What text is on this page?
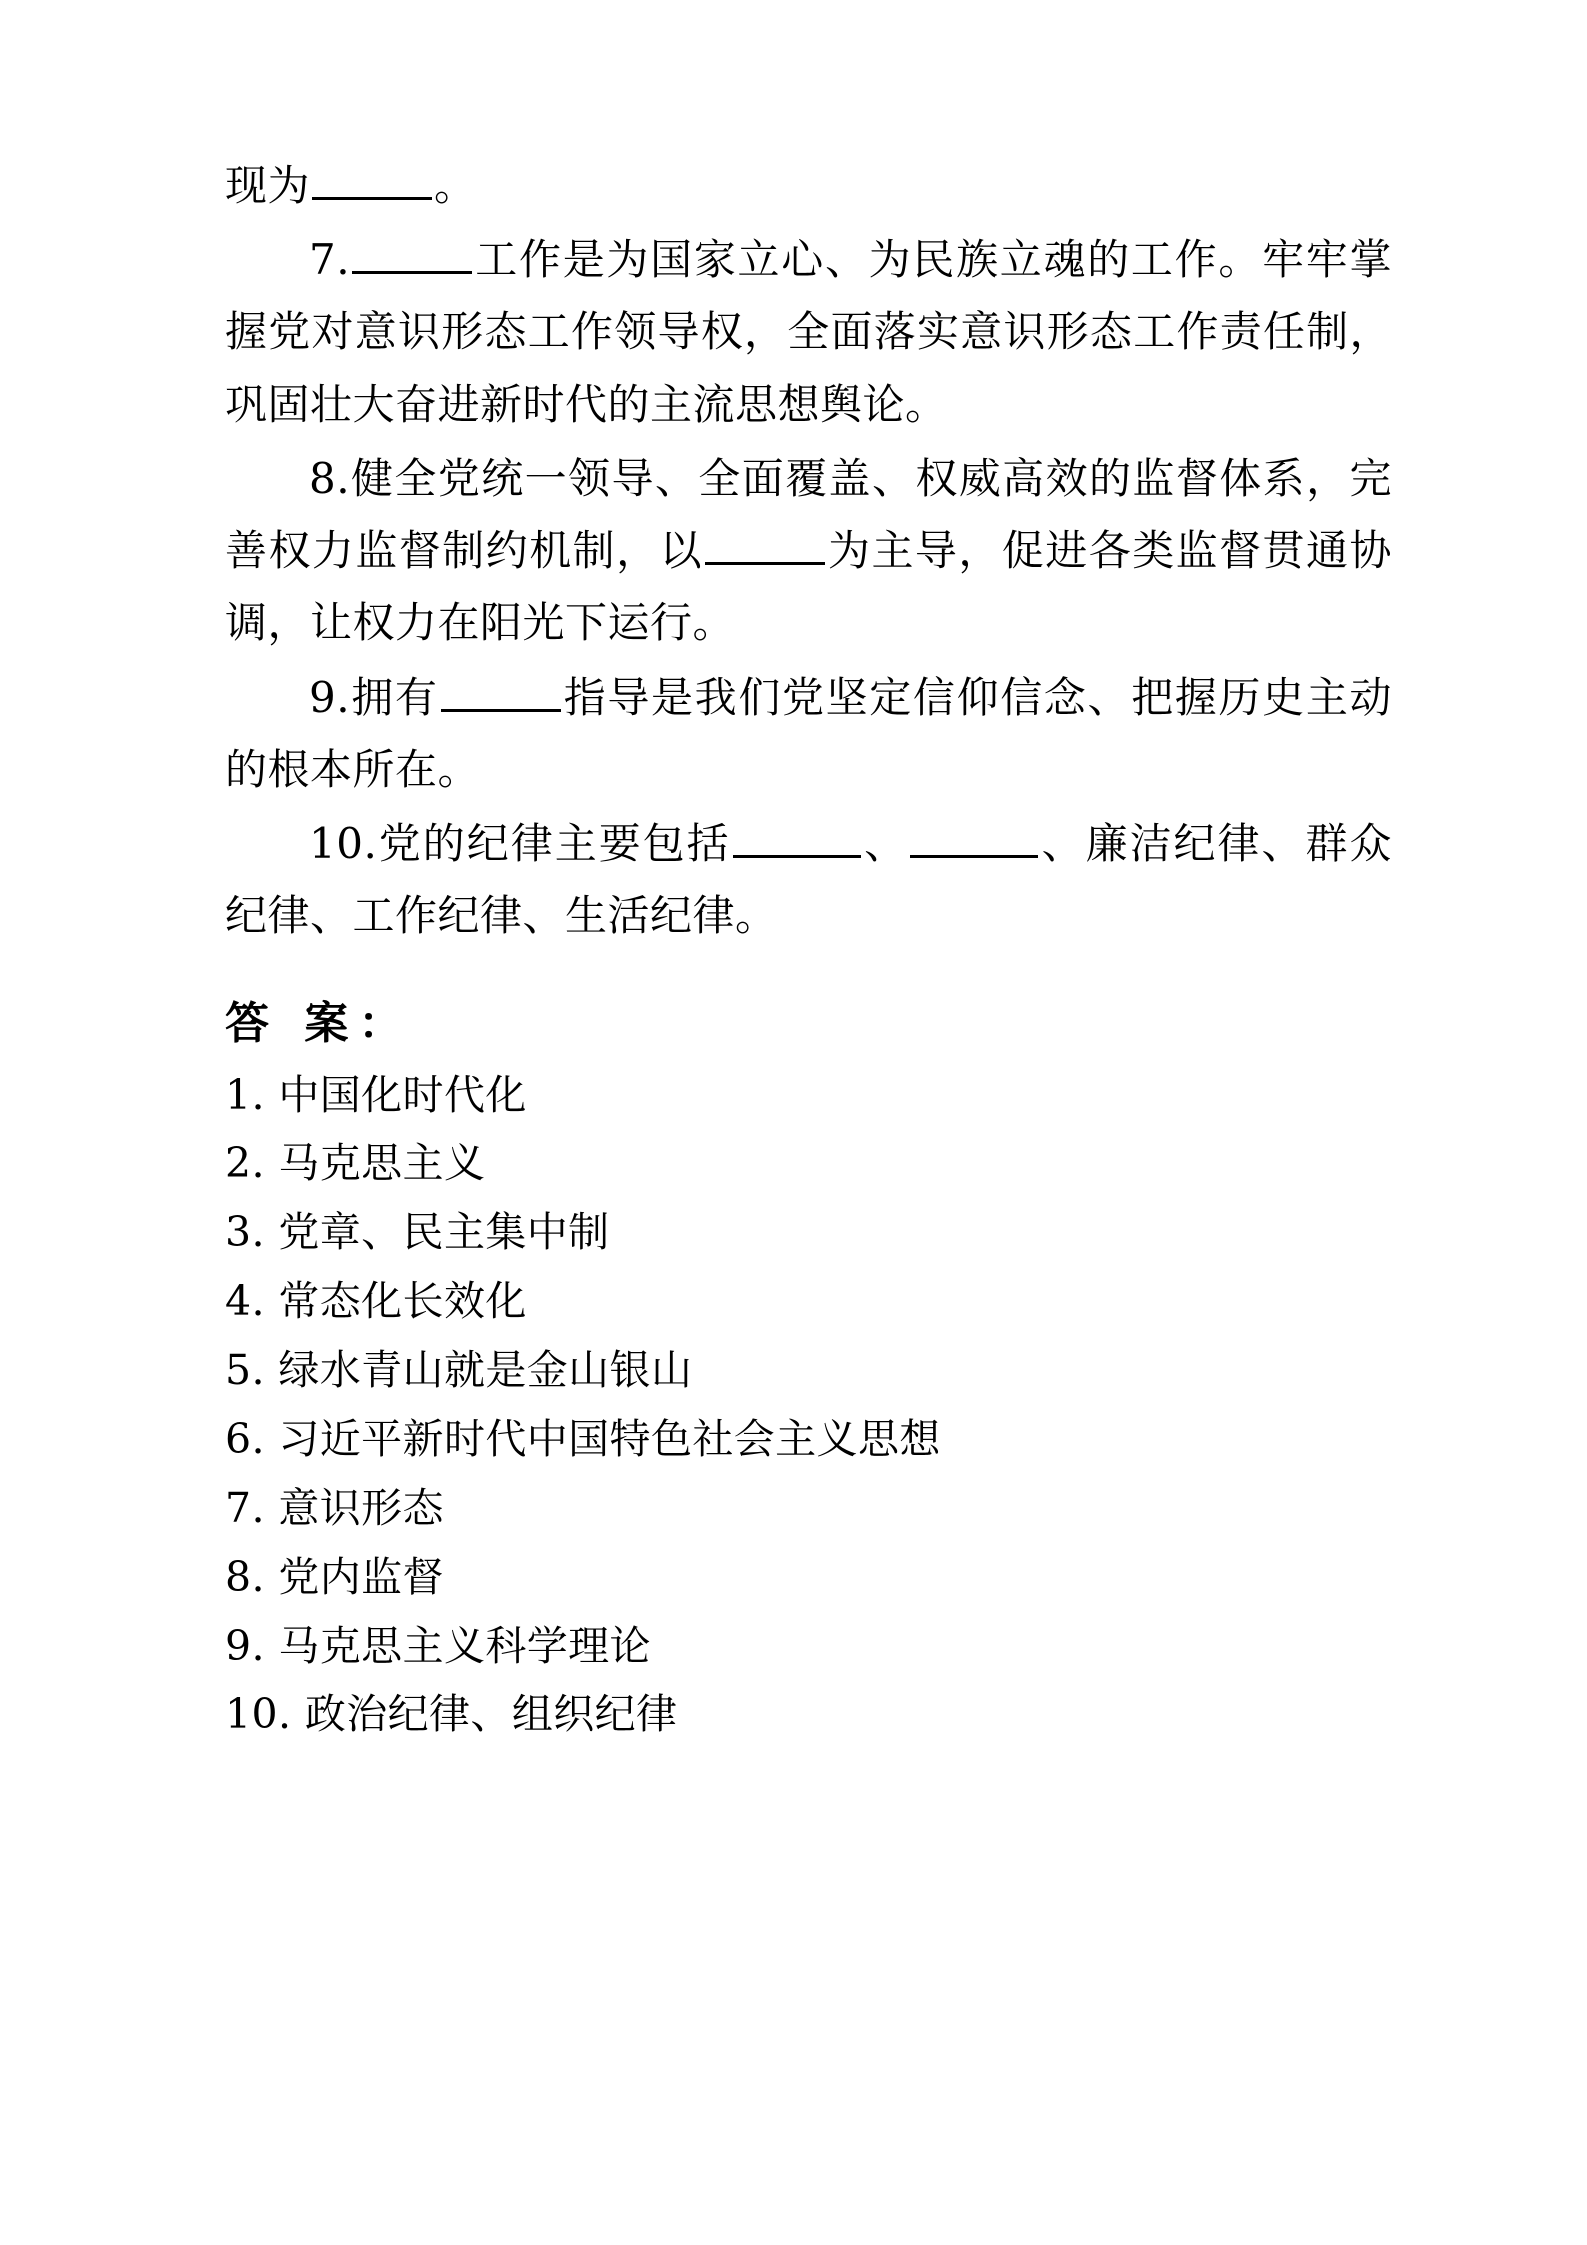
现为	。

7.	工作是为国家立心、为民族立魂的工作。牢牢掌握党对意识形态工作领导权，全面落实意识形态工作责任制，巩固壮大奋进新时代的主流思想舆论。

8.健全党统一领导、全面覆盖、权威高效的监督体系，完善权力监督制约机制，以	为主导，促进各类监督贯通协调，让权力在阳光下运行。

9.拥有	指导是我们党坚定信仰信念、把握历史主动的根本所在。

10.党的纪律主要包括	、	、廉洁纪律、群众纪律、工作纪律、生活纪律。

答 案：

1. 中国化时代化

2. 马克思主义

3. 党章、民主集中制

4. 常态化长效化

5. 绿水青山就是金山银山

6. 习近平新时代中国特色社会主义思想

7. 意识形态

8. 党内监督

9. 马克思主义科学理论

10. 政治纪律、组织纪律
